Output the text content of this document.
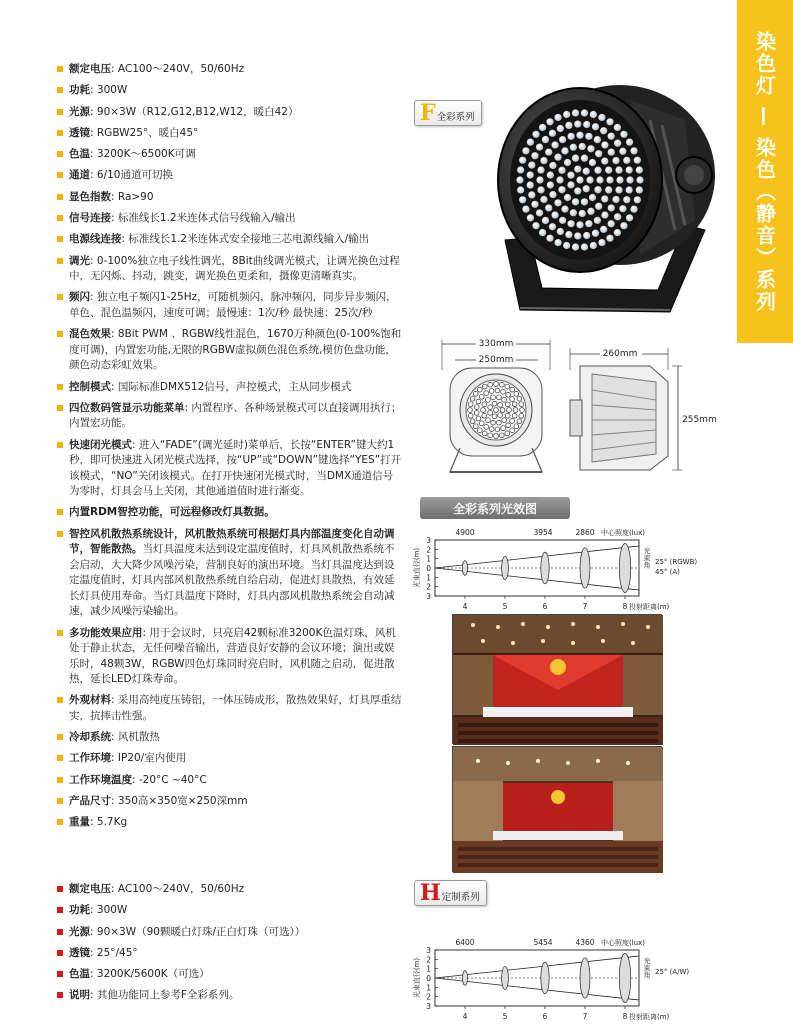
染色灯 — 染色（静音）系列
额定电压: AC100～240V，50/60Hz
功耗: 300W
光源: 90×3W（R12,G12,B12,W12，暖白42）
透镜: RGBW25°、暖白45°
色温: 3200K～6500K可调
通道: 6/10通道可切换
显色指数: Ra>90
信号连接: 标准线长1.2米连体式信号线输入/输出
电源线连接: 标准线长1.2米连体式安全接地三芯电源线输入/输出
调光: 0-100%独立电子线性调光，8Bit曲线调光模式，让调光换色过程中，无闪烁、抖动，跳变，调光换色更柔和，摄像更清晰真实。
频闪: 独立电子频闪1-25Hz，可随机频闪，脉冲频闪，同步异步频闪，单色、混色温频闪，速度可调；最慢速：1次/秒 最快速：25次/秒
混色效果: 8Bit PWM 、RGBW线性混色，1670万种颜色(0-100%饱和度可调)，内置宏功能,无限的RGBW虚拟颜色混色系统,模仿色盘功能，颜色动态彩虹效果。
控制模式: 国际标准DMX512信号，声控模式，主从同步模式
四位数码管显示功能菜单: 内置程序、各种场景模式可以直接调用执行；内置宏功能。
快速闭光模式: 进入“FADE”(调光延时)菜单后，长按“ENTER”键大约1秒，即可快速进入闭光模式选择，按“UP”或“DOWN”键选择“YES”打开该模式，“NO”关闭该模式。在打开快速闭光模式时，当DMX通道信号为零时，灯具会马上关闭，其他通道值时进行渐变。
内置RDM智控功能，可远程修改灯具数据。
智控风机散热系统设计，风机散热系统可根据灯具内部温度变化自动调节，智能散热。当灯具温度未达到设定温度值时，灯具风机散热系统不会启动，大大降少风噪污染，营制良好的演出环境。当灯具温度达到设定温度值时，灯具内部风机散热系统自给启动，促进灯具散热，有效延长灯具使用寿命。当灯具温度下降时，灯具内部风机散热系统会自动减速，减少风噪污染输出。
多功能效果应用: 用于会议时，只亮启42颗标准3200K色温灯珠，风机处于静止状态，无任何噪音输出，营造良好安静的会议环境；演出或娱乐时，48颗3W，RGBW四色灯珠同时亮启时，风机随之启动，促进散热，延长LED灯珠寿命。
外观材料: 采用高纯度压铸铝，一体压铸成形，散热效果好，灯具厚重结实，抗摔击性强。
冷却系统: 风机散热
工作环境: IP20/室内使用
工作环境温度: -20°C ~40°C
产品尺寸: 350高×350宽×250深mm
重量: 5.7Kg
额定电压: AC100～240V，50/60Hz
功耗: 300W
光源: 90×3W（90颗暖白灯珠/正白灯珠（可选））
透镜: 25°/45°
色温: 3200K/5600K（可选）
说明: 其他功能同上参考F全彩系列。
F 全彩系列
330mm
250mm
260mm
255mm
全彩系列光效图
光束直径(m)
3
2
1
0
1
2
3
4	5	6	7	8 投射距离(m)
4900	3954	2860 中心照度(lux)
光束角 25° (RGWB)
45° (A)
H 定制系列
光束直径(m)
3
2
1
0
1
2
3
4	5	6	7	8 投射距离(m)
6400	5454	4360 中心照度(lux)
光束角 25° (A/W)
